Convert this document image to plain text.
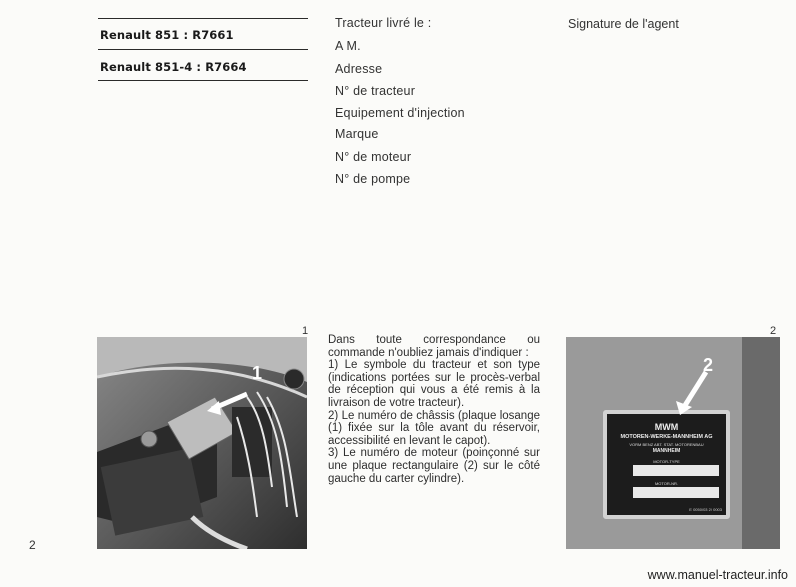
Renault 851 : R7661
Renault 851-4 : R7664
Tracteur livré le :
A M.
Adresse
N° de tracteur
Equipement d'injection
Marque
N° de moteur
N° de pompe
Signature de l'agent
1
1

Dans toute correspondance ou commande n'oubliez jamais d'indiquer :

1) Le symbole du tracteur et son type (indications portées sur le procès-verbal de réception qui vous a été remis à la livraison de votre tracteur).

2) Le numéro de châssis (plaque losange (1) fixée sur la tôle avant du réservoir, accessibilité en levant le capot).

3) Le numéro de moteur (poinçonné sur une plaque rectangulaire (2) sur le côté gauche du carter cylindre).

2
MWM
MOTOREN-WERKE-MANNHEIM AG
VORM BENZ ABT. STAT. MOTORENBAU
MANNHEIM
MOTOR-TYPE
MOTOR-NR.
E 0050/03 2/ 0003
2
2
www.manuel-tracteur.info
